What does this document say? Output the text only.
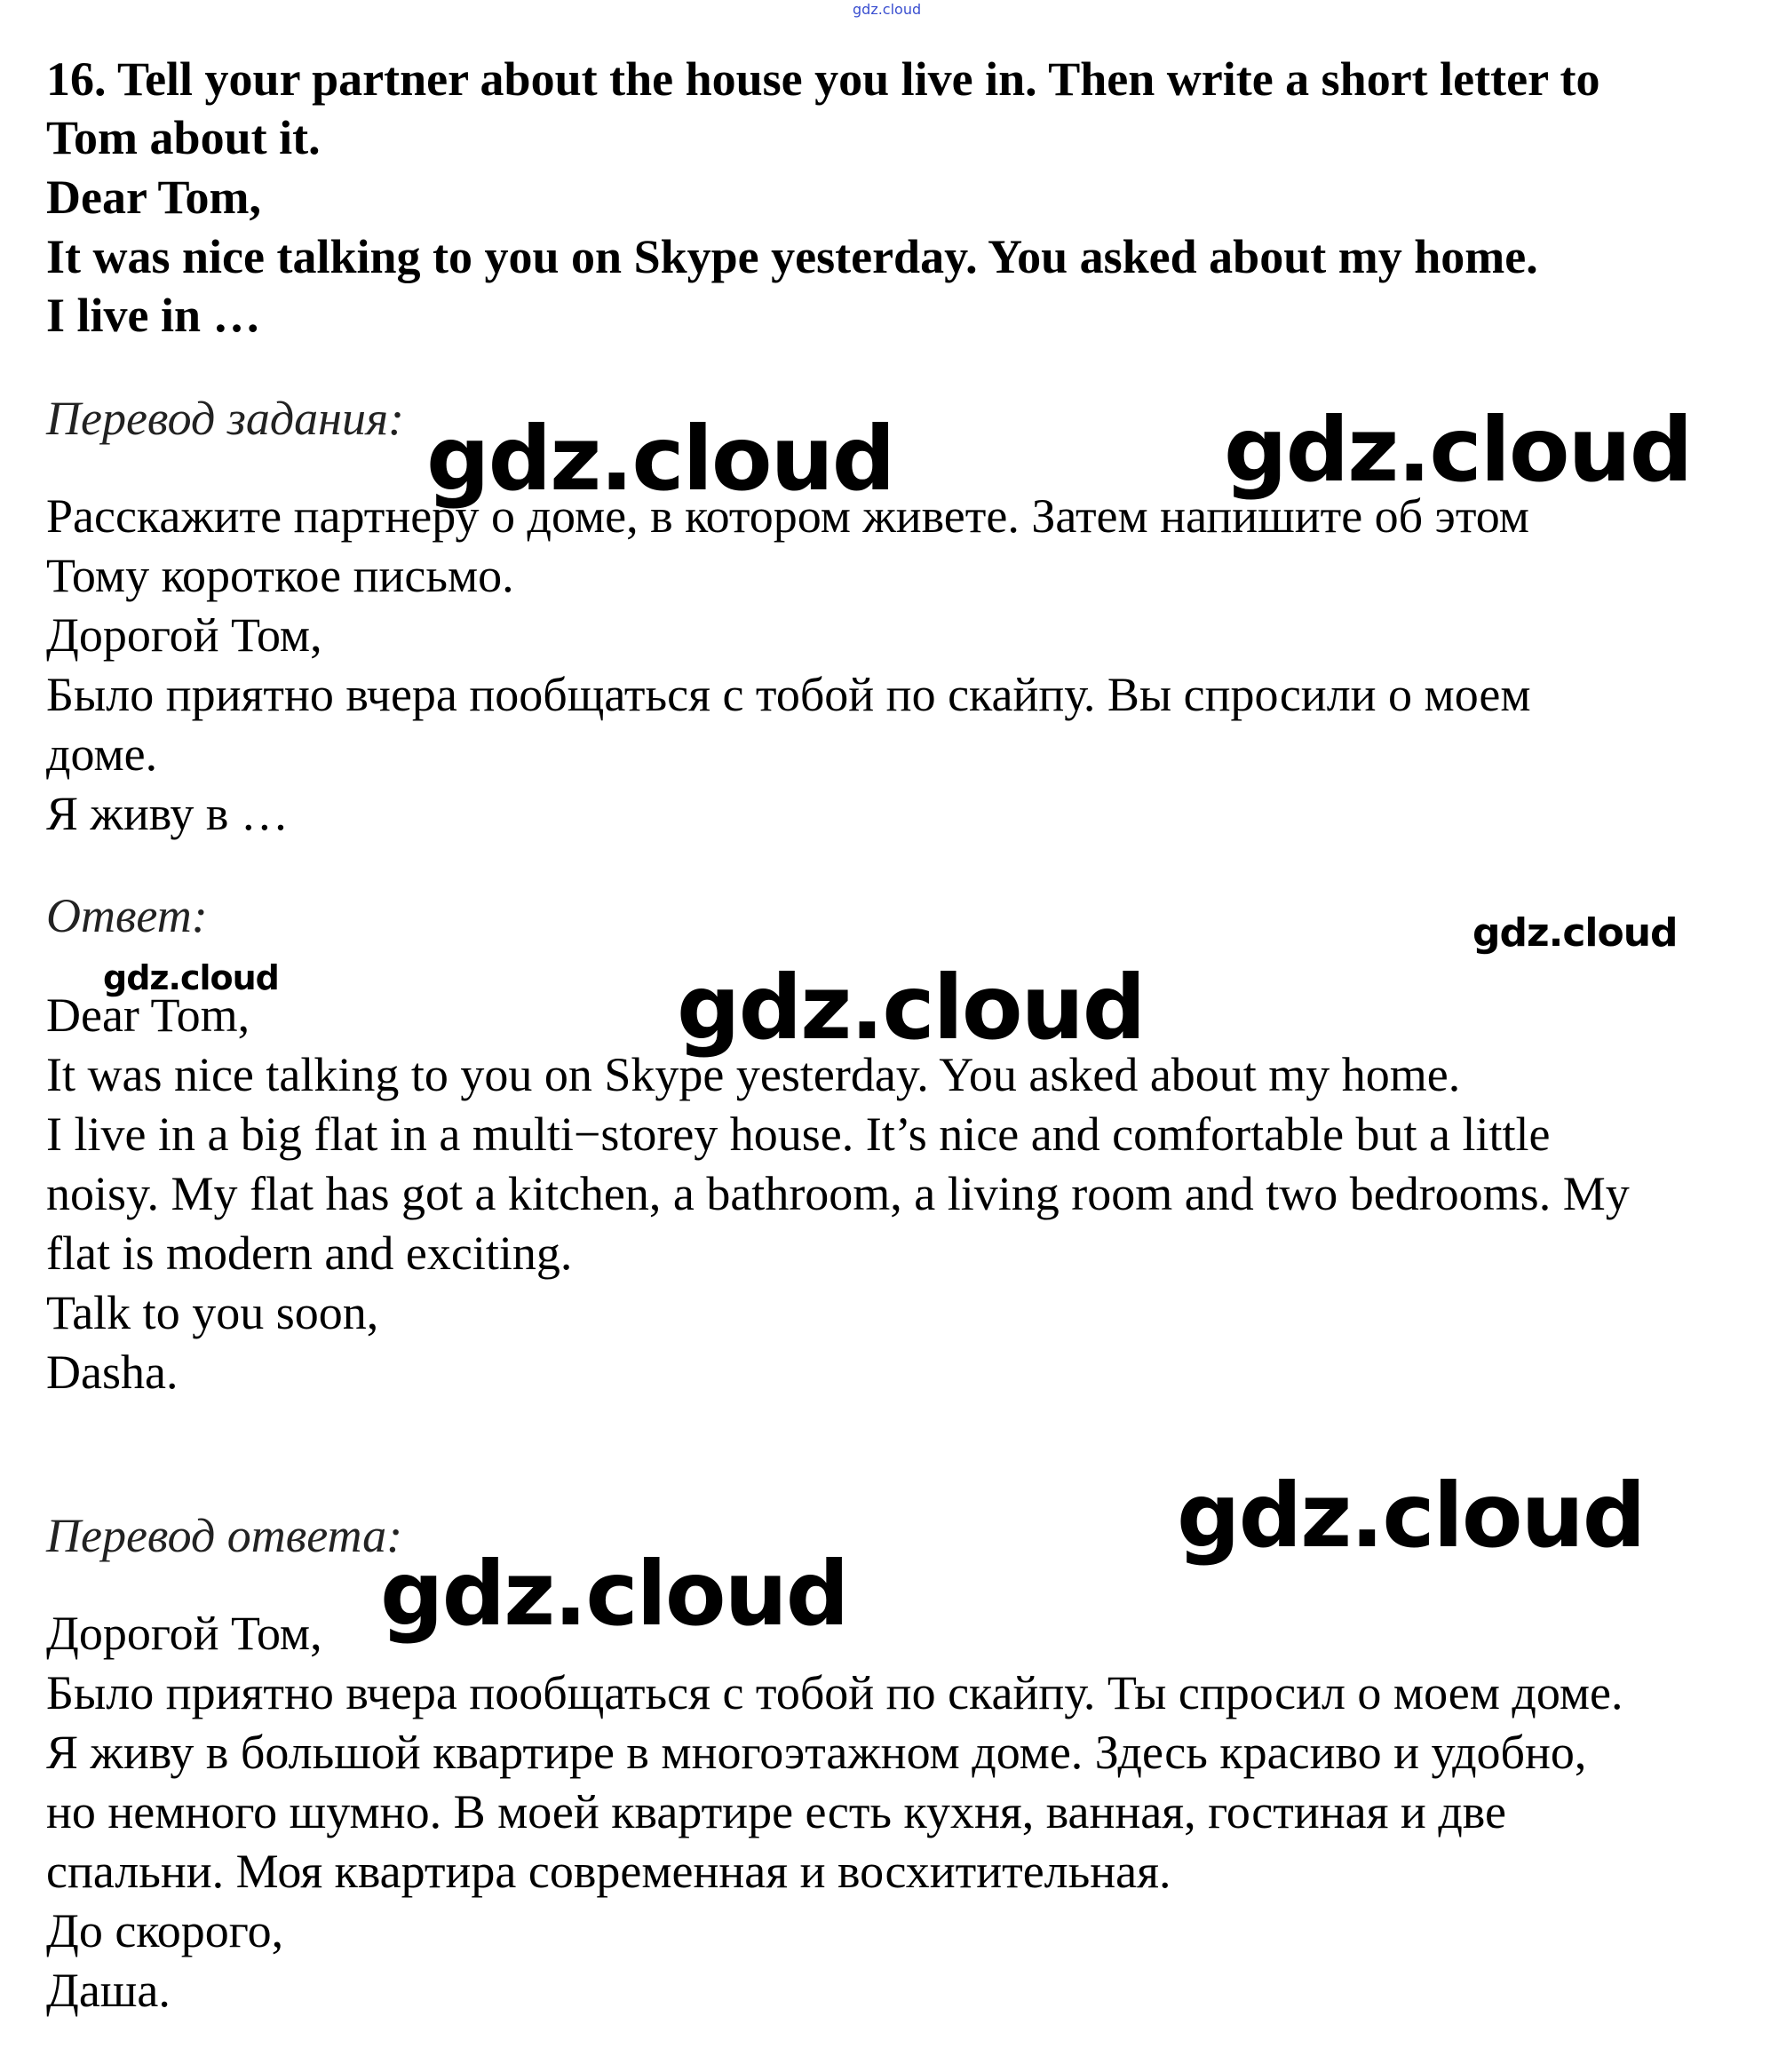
gdz.cloud
16. Tell your partner about the house you live in. Then write a short letter to
Tom about it.
Dear Tom,
It was nice talking to you on Skype yesterday. You asked about my home.
I live in …
Перевод задания:
Расскажите партнеру о доме, в котором живете. Затем напишите об этом
Тому короткое письмо.
Дорогой Том,
Было приятно вчера пообщаться с тобой по скайпу. Вы спросили о моем
доме.
Я живу в …
Ответ:
Dear Tom,
It was nice talking to you on Skype yesterday. You asked about my home.
I live in a big flat in a multi−storey house. It’s nice and comfortable but a little
noisy. My flat has got a kitchen, a bathroom, a living room and two bedrooms. My
flat is modern and exciting.
Talk to you soon,
Dasha.
Перевод ответа:
Дорогой Том,
Было приятно вчера пообщаться с тобой по скайпу. Ты спросил о моем доме.
Я живу в большой квартире в многоэтажном доме. Здесь красиво и удобно,
но немного шумно. В моей квартире есть кухня, ванная, гостиная и две
спальни. Моя квартира современная и восхитительная.
До скорого,
Даша.
gdz.cloud	gdz.cloud
gdz.cloud
gdz.cloud	gdz.cloud
gdz.cloud
gdz.cloud
